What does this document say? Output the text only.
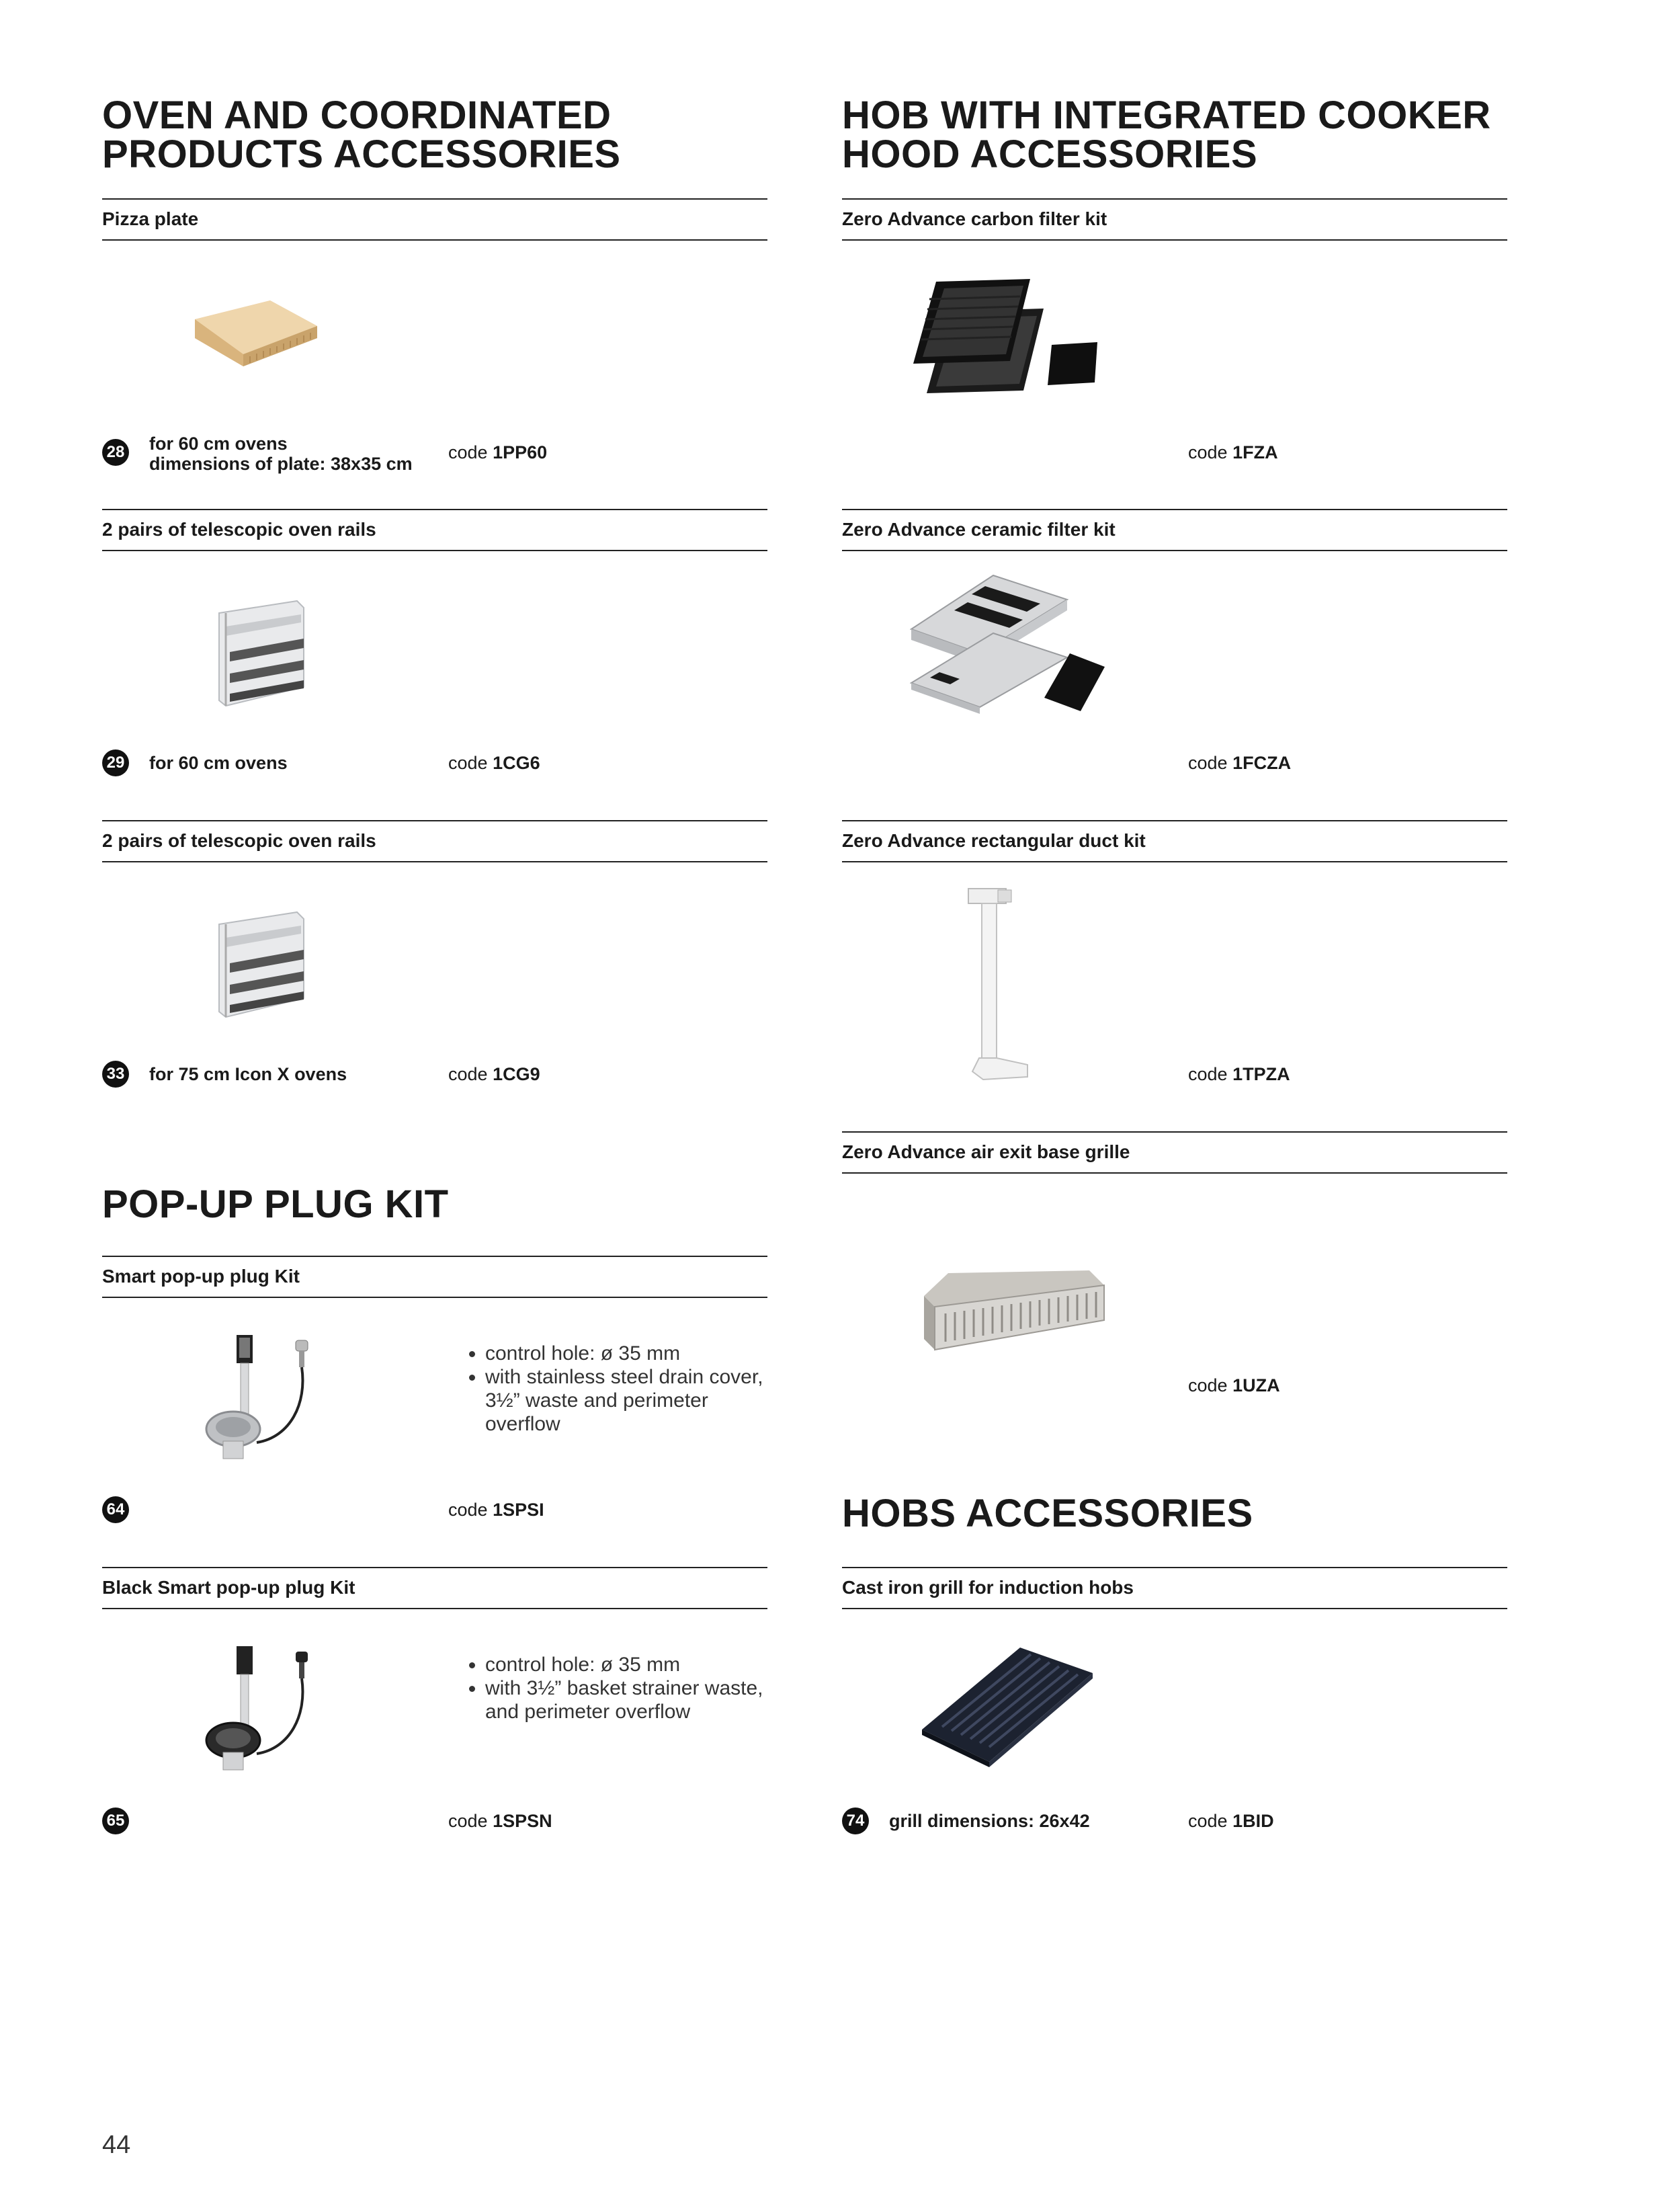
OVEN AND COORDINATED
PRODUCTS ACCESSORIES
HOB WITH INTEGRATED COOKER
HOOD ACCESSORIES
POP-UP PLUG KIT
HOBS ACCESSORIES
Pizza plate
28 for 60 cm ovens
dimensions of plate: 38x35 cm
code 1PP60
2 pairs of telescopic oven rails
29 for 60 cm ovens	code 1CG6
2 pairs of telescopic oven rails
33 for 75 cm Icon X ovens	code 1CG9
Smart pop-up plug Kit
• control hole: ø 35 mm
• with stainless steel drain cover, 3½” waste and perimeter overflow
64	code 1SPSI
Black Smart pop-up plug Kit
• control hole: ø 35 mm
• with 3½” basket strainer waste, and perimeter overflow
65	code 1SPSN
Zero Advance carbon filter kit
code 1FZA
Zero Advance ceramic filter kit
code 1FCZA
Zero Advance rectangular duct kit
code 1TPZA
Zero Advance air exit base grille
code 1UZA
Cast iron grill for induction hobs
74 grill dimensions: 26x42	code 1BID
44
